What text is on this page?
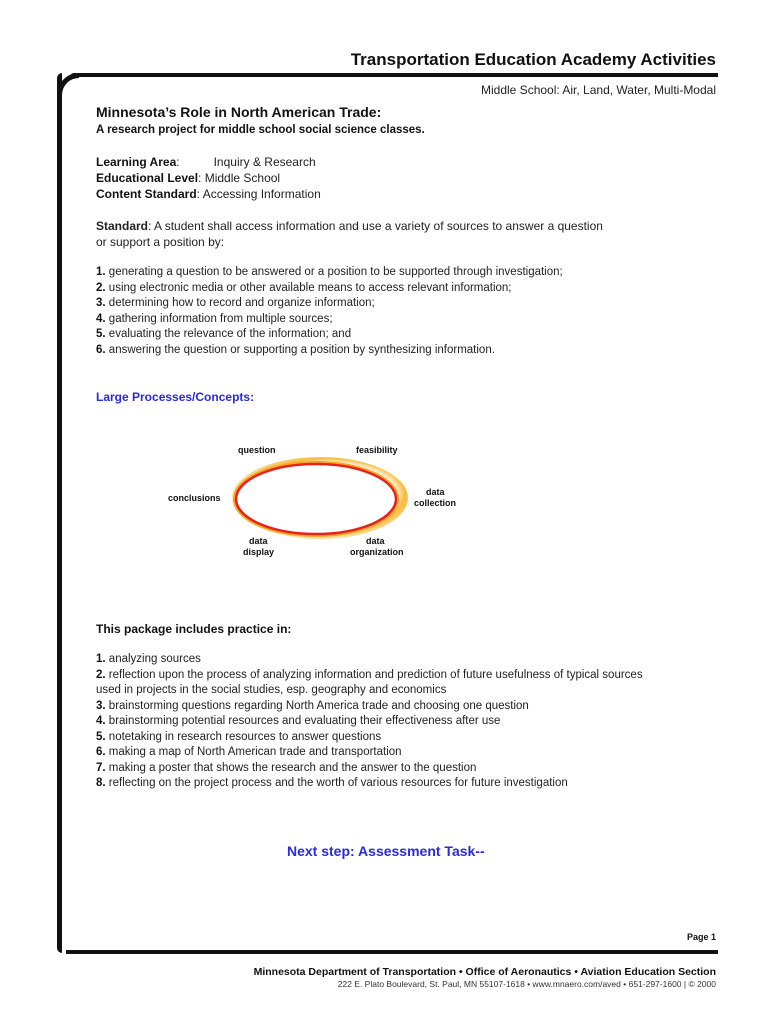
Transportation Education Academy Activities
Middle School: Air, Land, Water, Multi-Modal
Minnesota’s Role in North American Trade:
A research project for middle school social science classes.
Learning Area:	Inquiry & Research
Educational Level: Middle School
Content Standard: Accessing Information
Standard: A student shall access information and use a variety of sources to answer a question
or support a position by:
1. generating a question to be answered or a position to be supported through investigation;
2. using electronic media or other available means to access relevant information;
3. determining how to record and organize information;
4. gathering information from multiple sources;
5. evaluating the relevance of the information; and
6. answering the question or supporting a position by synthesizing information.
Large Processes/Concepts:
question	feasibility
conclusions
data
collection
data
display
data
organization
This package includes practice in:
1. analyzing sources
2. reflection upon the process of analyzing information and prediction of future usefulness of typical sources used in projects in the social studies, esp. geography and economics
3. brainstorming questions regarding North America trade and choosing one question
4. brainstorming potential resources and evaluating their effectiveness after use
5. notetaking in research resources to answer questions
6. making a map of North American trade and transportation
7. making a poster that shows the research and the answer to the question
8. reflecting on the project process and the worth of various resources for future investigation
Next step: Assessment Task--
Page 1
Minnesota Department of Transportation • Office of Aeronautics • Aviation Education Section
222 E. Plato Boulevard, St. Paul, MN 55107-1618 • www.mnaero.com/aved • 651-297-1600 | © 2000
